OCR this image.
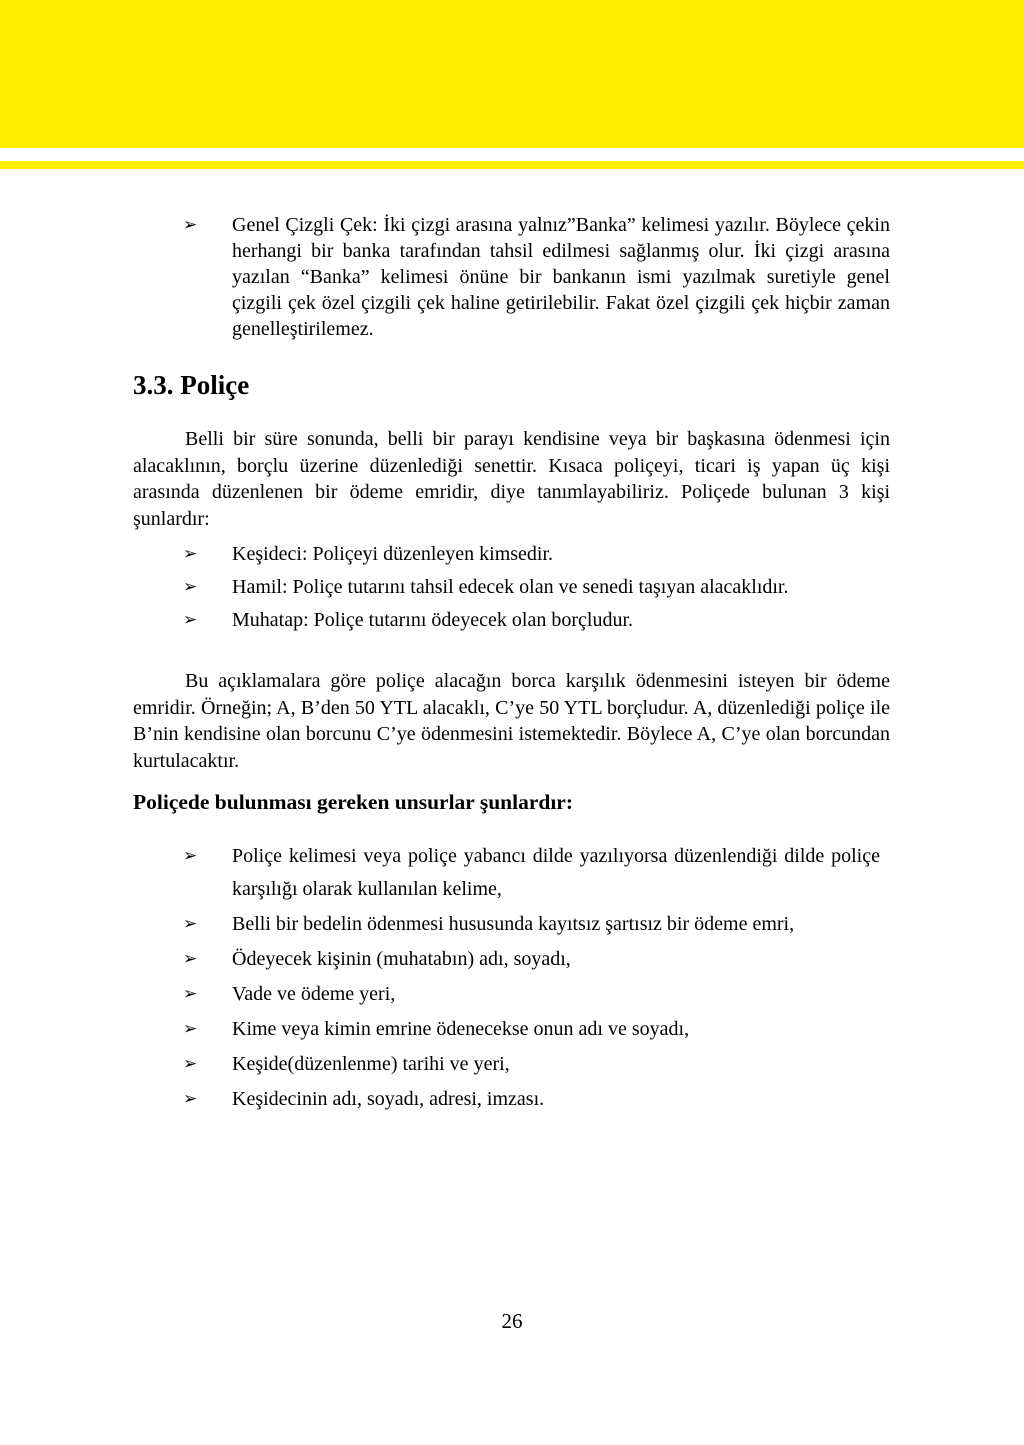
➢	Genel Çizgli Çek: İki çizgi arasına yalnız”Banka” kelimesi yazılır. Böylece çekin herhangi bir banka tarafından tahsil edilmesi sağlanmış olur. İki çizgi arasına yazılan “Banka” kelimesi önüne bir bankanın ismi yazılmak suretiyle genel çizgili çek özel çizgili çek haline getirilebilir. Fakat özel çizgili çek hiçbir zaman genelleştirilemez.
3.3. Poliçe

Belli bir süre sonunda, belli bir parayı kendisine veya bir başkasına ödenmesi için alacaklının, borçlu üzerine düzenlediği senettir. Kısaca poliçeyi, ticari iş yapan üç kişi arasında düzenlenen bir ödeme emridir, diye tanımlayabiliriz. Poliçede bulunan 3 kişi şunlardır:

➢	Keşideci: Poliçeyi düzenleyen kimsedir.
➢	Hamil: Poliçe tutarını tahsil edecek olan ve senedi taşıyan alacaklıdır.
➢	Muhatap: Poliçe tutarını ödeyecek olan borçludur.

Bu açıklamalara göre poliçe alacağın borca karşılık ödenmesini isteyen bir ödeme emridir. Örneğin; A, B’den 50 YTL alacaklı, C’ye 50 YTL borçludur. A, düzenlediği poliçe ile B’nin kendisine olan borcunu C’ye ödenmesini istemektedir. Böylece A, C’ye olan borcundan kurtulacaktır.

Poliçede bulunması gereken unsurlar şunlardır:
➢	Poliçe kelimesi veya poliçe yabancı dilde yazılıyorsa düzenlendiği dilde poliçe karşılığı olarak kullanılan kelime,
➢	Belli bir bedelin ödenmesi hususunda kayıtsız şartısız bir ödeme emri,
➢	Ödeyecek kişinin (muhatabın) adı, soyadı,
➢	Vade ve ödeme yeri,
➢	Kime veya kimin emrine ödenecekse onun adı ve soyadı,
➢	Keşide(düzenlenme) tarihi ve yeri,
➢	Keşidecinin adı, soyadı, adresi, imzası.
26
